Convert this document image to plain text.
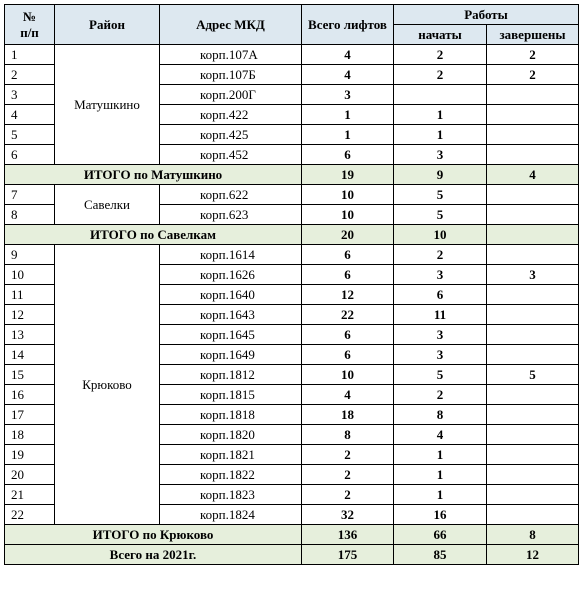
№
п/п	Район	Адрес МКД	Всего лифтов	Работы	
				начаты	завершены
1	Матушкино	корп.107А	4	2	2
2		корп.107Б	4	2	2
3		корп.200Г	3		
4		корп.422	1	1	
5		корп.425	1	1	
6		корп.452	6	3	
ИТОГО по Матушкино			19	9	4
7	Савелки	корп.622	10	5	
8		корп.623	10	5	
ИТОГО по Савелкам			20	10	
9	Крюково	корп.1614	6	2	
10		корп.1626	6	3	3
11		корп.1640	12	6	
12		корп.1643	22	11	
13		корп.1645	6	3	
14		корп.1649	6	3	
15		корп.1812	10	5	5
16		корп.1815	4	2	
17		корп.1818	18	8	
18		корп.1820	8	4	
19		корп.1821	2	1	
20		корп.1822	2	1	
21		корп.1823	2	1	
22		корп.1824	32	16	
ИТОГО по Крюково			136	66	8
Всего на 2021г.			175	85	12
